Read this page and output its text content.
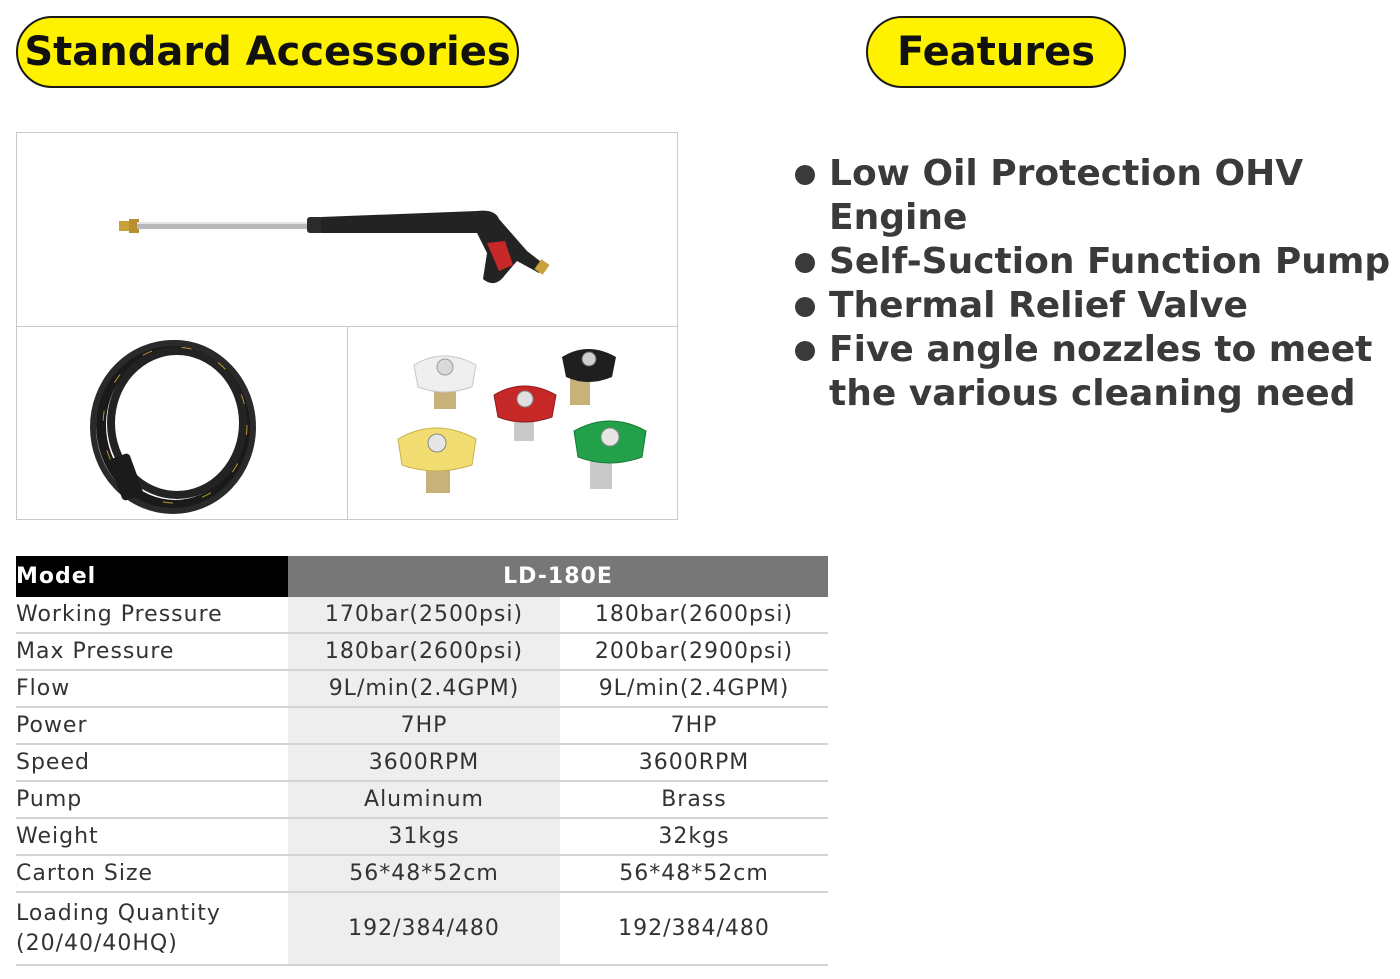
Standard Accessories	Features
Low Oil Protection OHV Engine
Self-Suction Function Pump
Thermal Relief Valve
Five angle nozzles to meet the various cleaning need
Model	LD-180E	
Working Pressure	170bar(2500psi)	180bar(2600psi)
Max Pressure	180bar(2600psi)	200bar(2900psi)
Flow	9L/min(2.4GPM)	9L/min(2.4GPM)
Power	7HP	7HP
Speed	3600RPM	3600RPM
Pump	Aluminum	Brass
Weight	31kgs	32kgs
Carton Size	56*48*52cm	56*48*52cm
Loading Quantity (20/40/40HQ)	192/384/480	192/384/480
